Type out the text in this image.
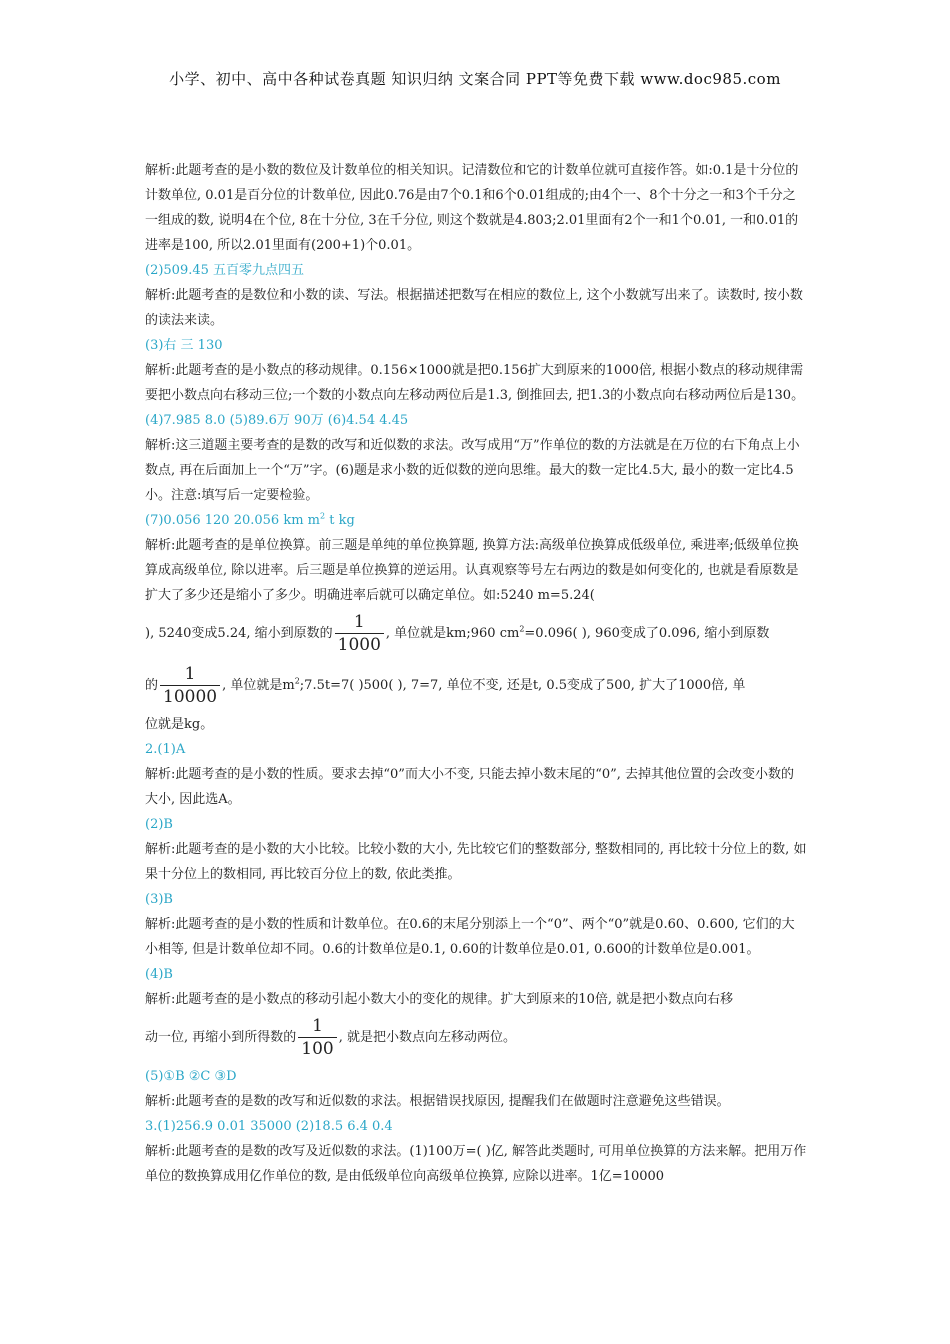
小学、初中、高中各种试卷真题 知识归纳 文案合同 PPT等免费下载 www.doc985.com

解析:此题考查的是小数的数位及计数单位的相关知识。记清数位和它的计数单位就可直接作答。如:0.1是十分位的计数单位, 0.01是百分位的计数单位, 因此0.76是由7个0.1和6个0.01组成的;由4个一、8个十分之一和3个千分之一组成的数, 说明4在个位, 8在十分位, 3在千分位, 则这个数就是4.803;2.01里面有2个一和1个0.01, 一和0.01的进率是100, 所以2.01里面有(200+1)个0.01。

(2)509.45 五百零九点四五

解析:此题考查的是数位和小数的读、写法。根据描述把数写在相应的数位上, 这个小数就写出来了。读数时, 按小数的读法来读。

(3)右 三 130

解析:此题考查的是小数点的移动规律。0.156×1000就是把0.156扩大到原来的1000倍, 根据小数点的移动规律需要把小数点向右移动三位;一个数的小数点向左移动两位后是1.3, 倒推回去, 把1.3的小数点向右移动两位后是130。

(4)7.985 8.0 (5)89.6万 90万 (6)4.54 4.45

解析:这三道题主要考查的是数的改写和近似数的求法。改写成用“万”作单位的数的方法就是在万位的右下角点上小数点, 再在后面加上一个“万”字。(6)题是求小数的近似数的逆向思维。最大的数一定比4.5大, 最小的数一定比4.5小。注意:填写后一定要检验。

(7)0.056 120 20.056 km $m^2$ t kg

解析:此题考查的是单位换算。前三题是单纯的单位换算题, 换算方法:高级单位换算成低级单位, 乘进率;低级单位换算成高级单位, 除以进率。后三题是单位换算的逆运用。认真观察等号左右两边的数是如何变化的, 也就是看原数是扩大了多少还是缩小了多少。明确进率后就可以确定单位。如:5240 m=5.24(

), 5240变成5.24, 缩小到原数的 $\frac{1}{1000}$ , 单位就是km;960 $cm^2=0.096$( ), 960变成了0.096, 缩小到原数

的 $\frac{1}{10000}$ , 单位就是$m^2;7.5t=7$( )500( ), 7=7, 单位不变, 还是t, 0.5变成了500, 扩大了1000倍, 单

位就是kg。

2.(1)A

解析:此题考查的是小数的性质。要求去掉“0”而大小不变, 只能去掉小数末尾的“0”, 去掉其他位置的会改变小数的大小, 因此选A。

(2)B

解析:此题考查的是小数的大小比较。比较小数的大小, 先比较它们的整数部分, 整数相同的, 再比较十分位上的数, 如果十分位上的数相同, 再比较百分位上的数, 依此类推。

(3)B

解析:此题考查的是小数的性质和计数单位。在0.6的末尾分别添上一个“0”、两个“0”就是0.60、0.600, 它们的大小相等, 但是计数单位却不同。0.6的计数单位是0.1, 0.60的计数单位是0.01, 0.600的计数单位是0.001。

(4)B

解析:此题考查的是小数点的移动引起小数大小的变化的规律。扩大到原来的10倍, 就是把小数点向右移

动一位, 再缩小到所得数的 $\frac{1}{100}$ , 就是把小数点向左移动两位。

(5)①B ②C ③D

解析:此题考查的是数的改写和近似数的求法。根据错误找原因, 提醒我们在做题时注意避免这些错误。

3.(1)256.9 0.01 35000 (2)18.5 6.4 0.4

解析:此题考查的是数的改写及近似数的求法。(1)100万=( )亿, 解答此类题时, 可用单位换算的方法来解。把用万作单位的数换算成用亿作单位的数, 是由低级单位向高级单位换算, 应除以进率。1亿=10000
